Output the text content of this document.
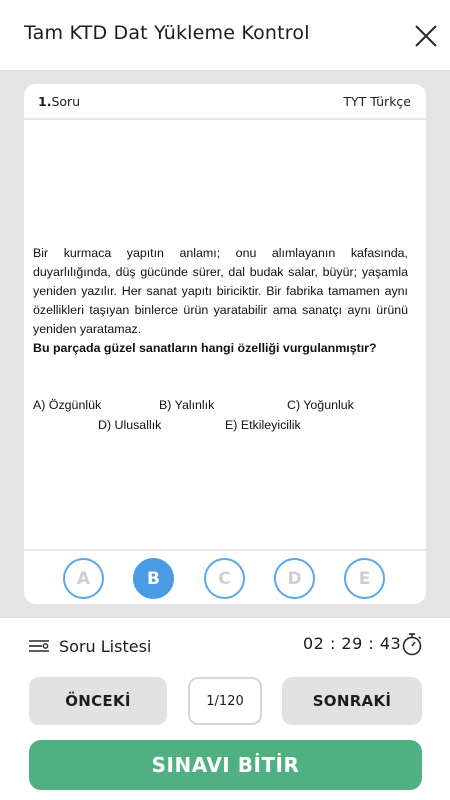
Tam KTD Dat Yükleme Kontrol
1.Soru	TYT Türkçe
Bir kurmaca yapıtın anlamı; onu alımlayanın kafasında, duyarlılığında, düş gücünde sürer, dal budak salar, büyür; yaşamla yeniden yazılır. Her sanat yapıtı biriciktir. Bir fabrika tamamen aynı özellikleri taşıyan binlerce ürün yaratabilir ama sanatçı aynı ürünü yeniden yaratamaz.
Bu parçada güzel sanatların hangi özelliği vurgulanmıştır?
A) Özgünlük	B) Yalınlık	C) Yoğunluk
D) Ulusallık	E) Etkileyicilik
A	B	C	D	E
Soru Listesi	02 : 29 : 43
ÖNCEKİ	1/120	SONRAKİ
SINAVI BİTİR
